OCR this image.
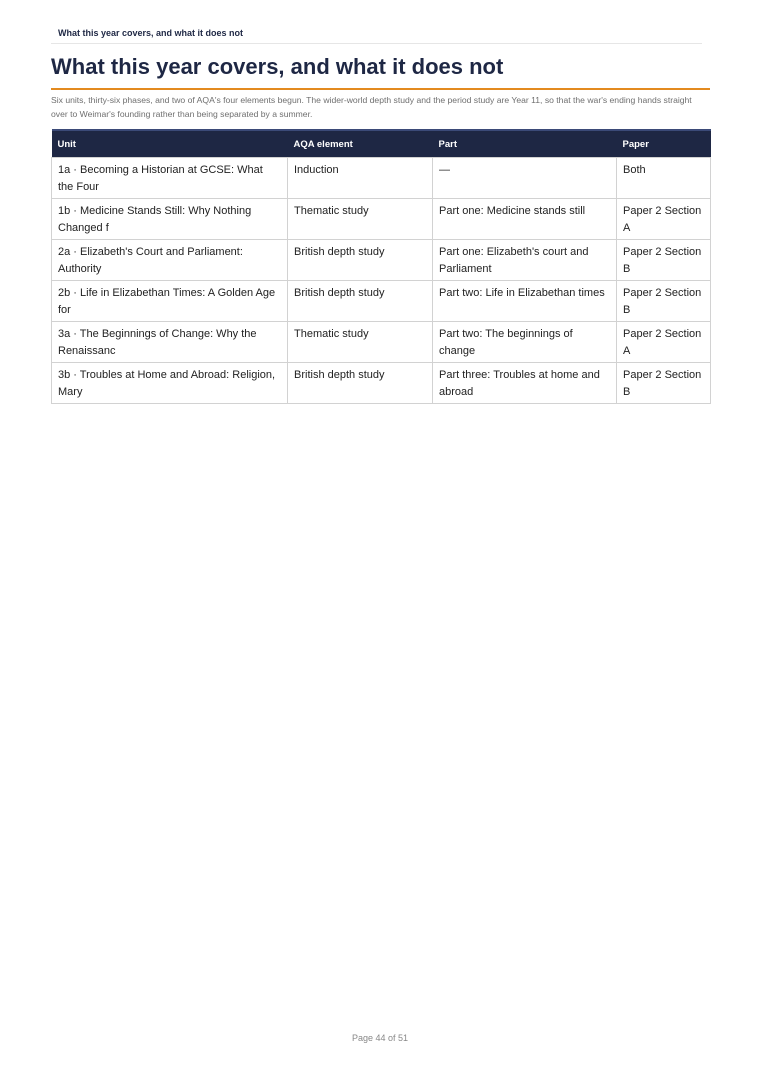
What this year covers, and what it does not
What this year covers, and what it does not

Six units, thirty-six phases, and two of AQA's four elements begun. The wider-world depth study and the period study are Year 11, so that the war's ending hands straight over to Weimar's founding rather than being separated by a summer.

Unit	AQA element	Part	Paper
1a · Becoming a Historian at GCSE: What the Four	Induction	—	Both
1b · Medicine Stands Still: Why Nothing Changed f	Thematic study	Part one: Medicine stands still	Paper 2 Section A
2a · Elizabeth's Court and Parliament: Authority	British depth study	Part one: Elizabeth's court and Parliament	Paper 2 Section B
2b · Life in Elizabethan Times: A Golden Age for	British depth study	Part two: Life in Elizabethan times	Paper 2 Section B
3a · The Beginnings of Change: Why the Renaissanc	Thematic study	Part two: The beginnings of change	Paper 2 Section A
3b · Troubles at Home and Abroad: Religion, Mary	British depth study	Part three: Troubles at home and abroad	Paper 2 Section B
Page 44 of 51
